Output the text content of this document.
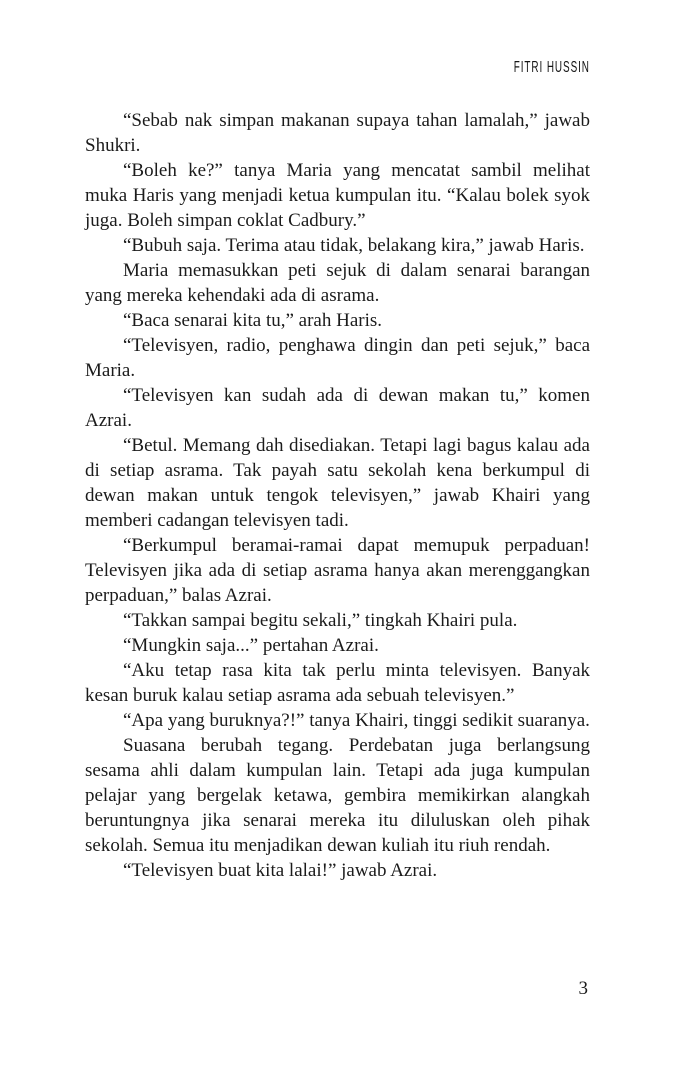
FITRI HUSSIN

“Sebab nak simpan makanan supaya tahan lamalah,” jawab Shukri.

“Boleh ke?” tanya Maria yang mencatat sambil melihat muka Haris yang menjadi ketua kumpulan itu. “Kalau bolek syok juga. Boleh simpan coklat Cadbury.”

“Bubuh saja. Terima atau tidak, belakang kira,” jawab Haris.

Maria memasukkan peti sejuk di dalam senarai barangan yang mereka kehendaki ada di asrama.

“Baca senarai kita tu,” arah Haris.

“Televisyen, radio, penghawa dingin dan peti sejuk,” baca Maria.

“Televisyen kan sudah ada di dewan makan tu,” komen Azrai.

“Betul. Memang dah disediakan. Tetapi lagi bagus kalau ada di setiap asrama. Tak payah satu sekolah kena berkumpul di dewan makan untuk tengok televisyen,” jawab Khairi yang memberi cadangan televisyen tadi.

“Berkumpul beramai-ramai dapat memupuk perpaduan! Televisyen jika ada di setiap asrama hanya akan merenggangkan perpaduan,” balas Azrai.

“Takkan sampai begitu sekali,” tingkah Khairi pula.

“Mungkin saja...” pertahan Azrai.

“Aku tetap rasa kita tak perlu minta televisyen. Banyak kesan buruk kalau setiap asrama ada sebuah televisyen.”

“Apa yang buruknya?!” tanya Khairi, tinggi sedikit suaranya.

Suasana berubah tegang. Perdebatan juga berlangsung sesama ahli dalam kumpulan lain. Tetapi ada juga kumpulan pelajar yang bergelak ketawa, gembira memikirkan alangkah beruntungnya jika senarai mereka itu diluluskan oleh pihak sekolah. Semua itu menjadikan dewan kuliah itu riuh rendah.

“Televisyen buat kita lalai!” jawab Azrai.

3
